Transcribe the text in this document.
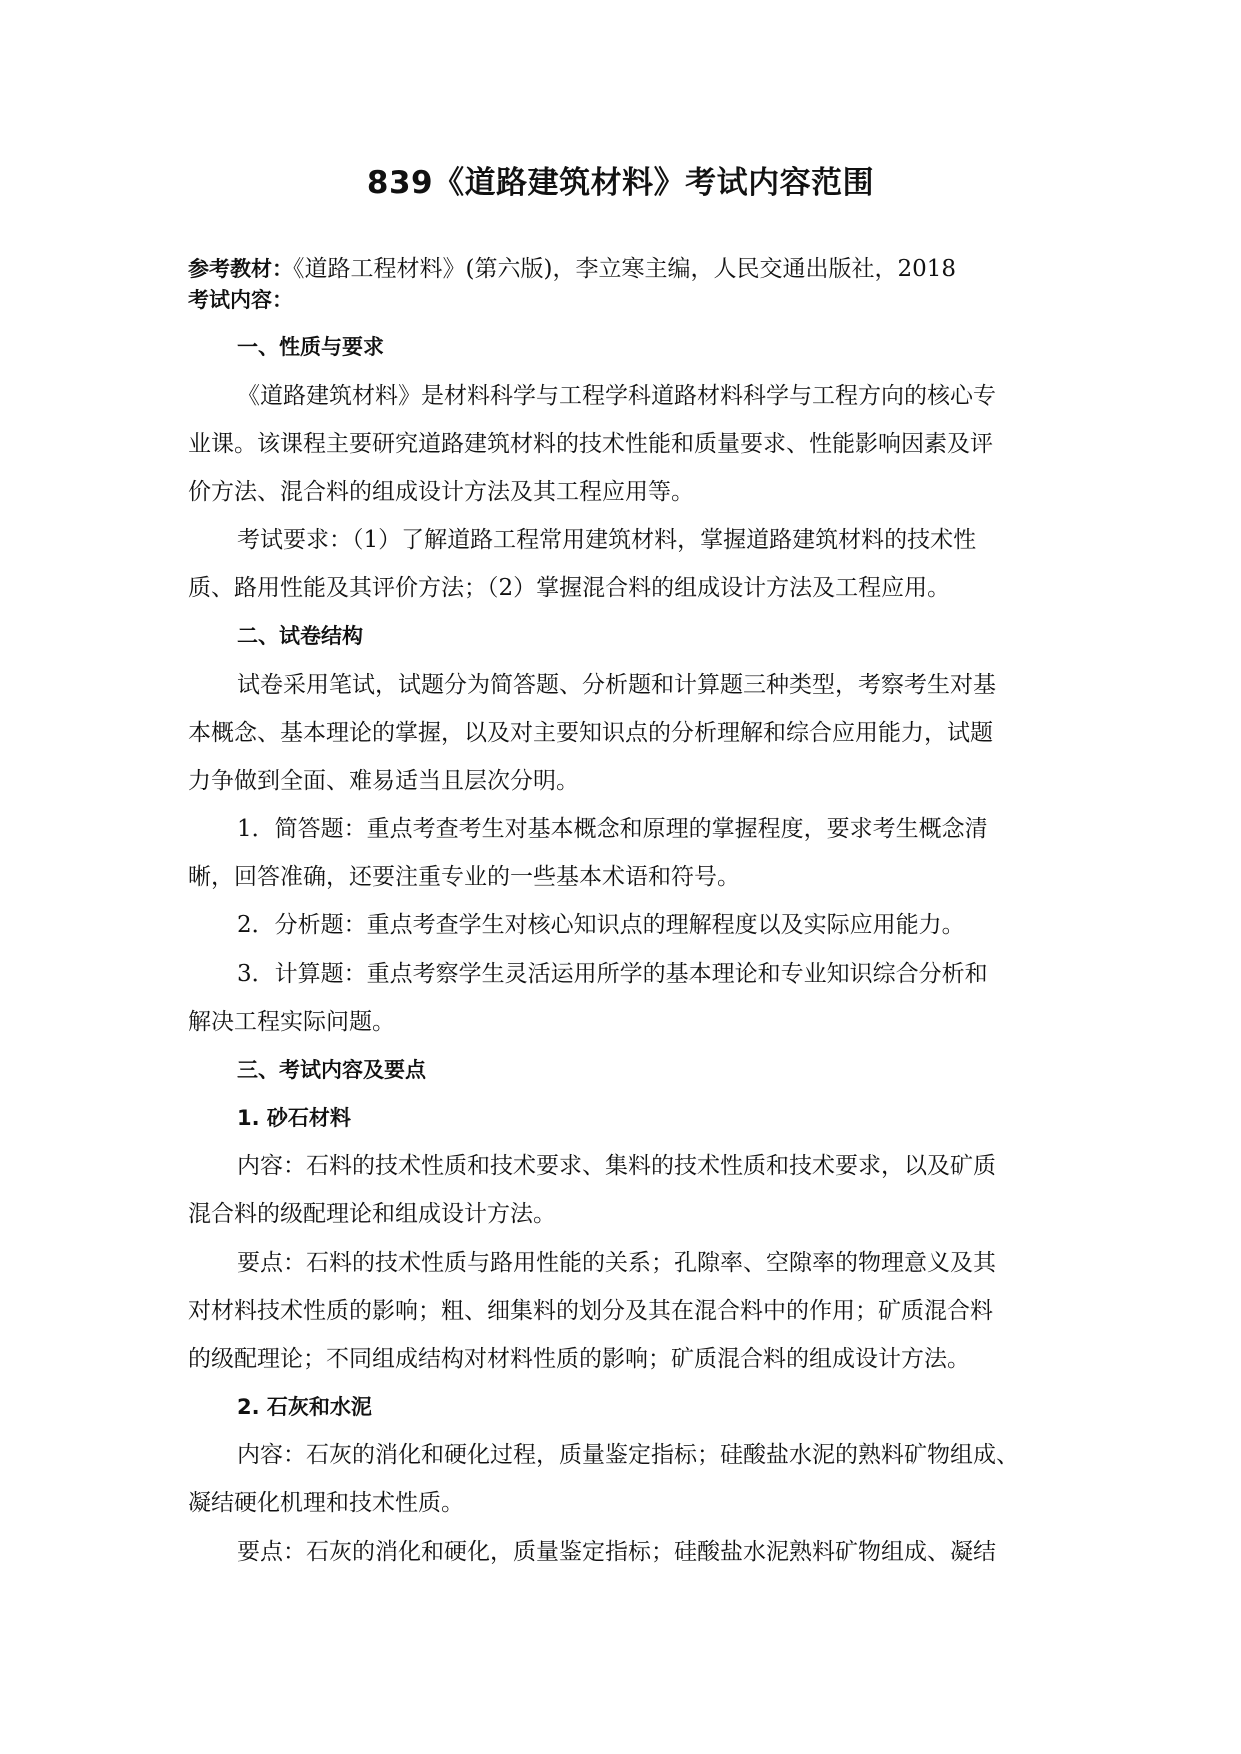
839《道路建筑材料》考试内容范围

参考教材：《道路工程材料》(第六版)，李立寒主编，人民交通出版社，2018

考试内容：

一、性质与要求

《道路建筑材料》是材料科学与工程学科道路材料科学与工程方向的核心专

业课。该课程主要研究道路建筑材料的技术性能和质量要求、性能影响因素及评

价方法、混合料的组成设计方法及其工程应用等。

考试要求：（1）了解道路工程常用建筑材料，掌握道路建筑材料的技术性

质、路用性能及其评价方法；（2）掌握混合料的组成设计方法及工程应用。

二、试卷结构

试卷采用笔试，试题分为简答题、分析题和计算题三种类型，考察考生对基

本概念、基本理论的掌握，以及对主要知识点的分析理解和综合应用能力，试题

力争做到全面、难易适当且层次分明。

1．简答题：重点考查考生对基本概念和原理的掌握程度，要求考生概念清

晰，回答准确，还要注重专业的一些基本术语和符号。

2．分析题：重点考查学生对核心知识点的理解程度以及实际应用能力。

3．计算题：重点考察学生灵活运用所学的基本理论和专业知识综合分析和

解决工程实际问题。

三、考试内容及要点

1. 砂石材料

内容：石料的技术性质和技术要求、集料的技术性质和技术要求，以及矿质

混合料的级配理论和组成设计方法。

要点：石料的技术性质与路用性能的关系；孔隙率、空隙率的物理意义及其

对材料技术性质的影响；粗、细集料的划分及其在混合料中的作用；矿质混合料

的级配理论；不同组成结构对材料性质的影响；矿质混合料的组成设计方法。

2. 石灰和水泥

内容：石灰的消化和硬化过程，质量鉴定指标；硅酸盐水泥的熟料矿物组成、

凝结硬化机理和技术性质。

要点：石灰的消化和硬化，质量鉴定指标；硅酸盐水泥熟料矿物组成、凝结
